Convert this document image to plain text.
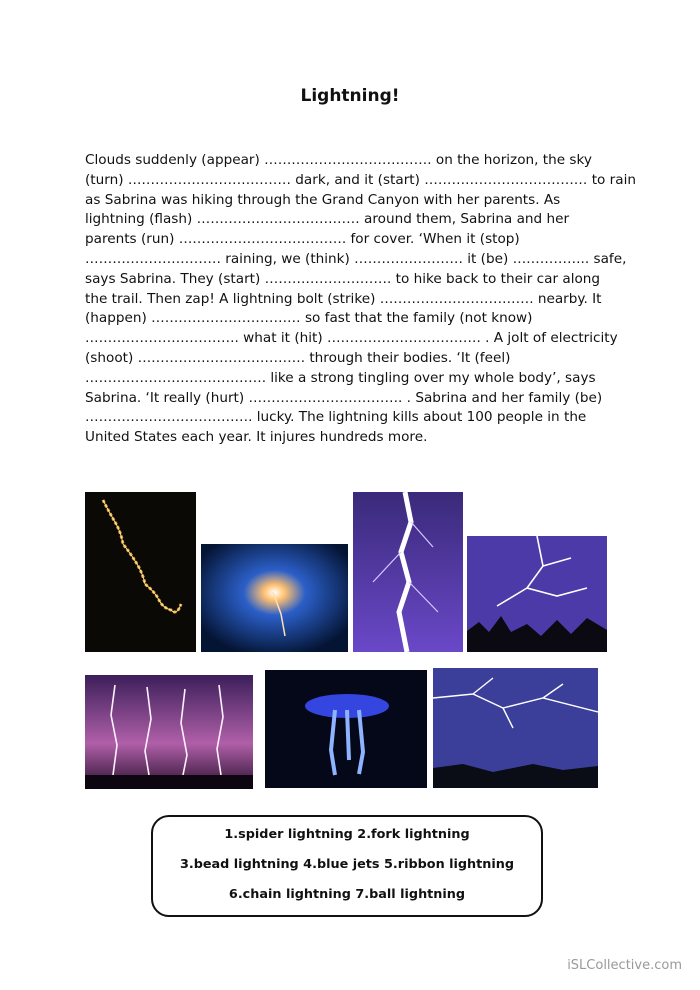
Lightning!
Clouds suddenly (appear) ………………………………. on the horizon, the sky
(turn) ……………………………… dark, and it (start) ……………………………… to rain
as Sabrina was hiking through the Grand Canyon with her parents. As
lightning (flash) ……………………………… around them, Sabrina and her
parents (run) ………………………………. for cover. ‘When it (stop)
………………………… raining, we (think) …………………… it (be) …………….. safe,
says Sabrina. They (start) ………………………. to hike back to their car along
the trail. Then zap! A lightning bolt (strike) ……………………………. nearby. It
(happen) …………………………… so fast that the family (not know)
……………………………. what it (hit) ……………………………. . A jolt of electricity
(shoot) ………………………………. through their bodies. ‘It (feel)
…………………………………. like a strong tingling over my whole body’, says
Sabrina. ‘It really (hurt) ……………………………. . Sabrina and her family (be)
………………………………. lucky. The lightning kills about 100 people in the
United States each year. It injures hundreds more.
1.spider lightning 2.fork lightning
3.bead lightning 4.blue jets 5.ribbon lightning
6.chain lightning 7.ball lightning
iSLCollective.com
